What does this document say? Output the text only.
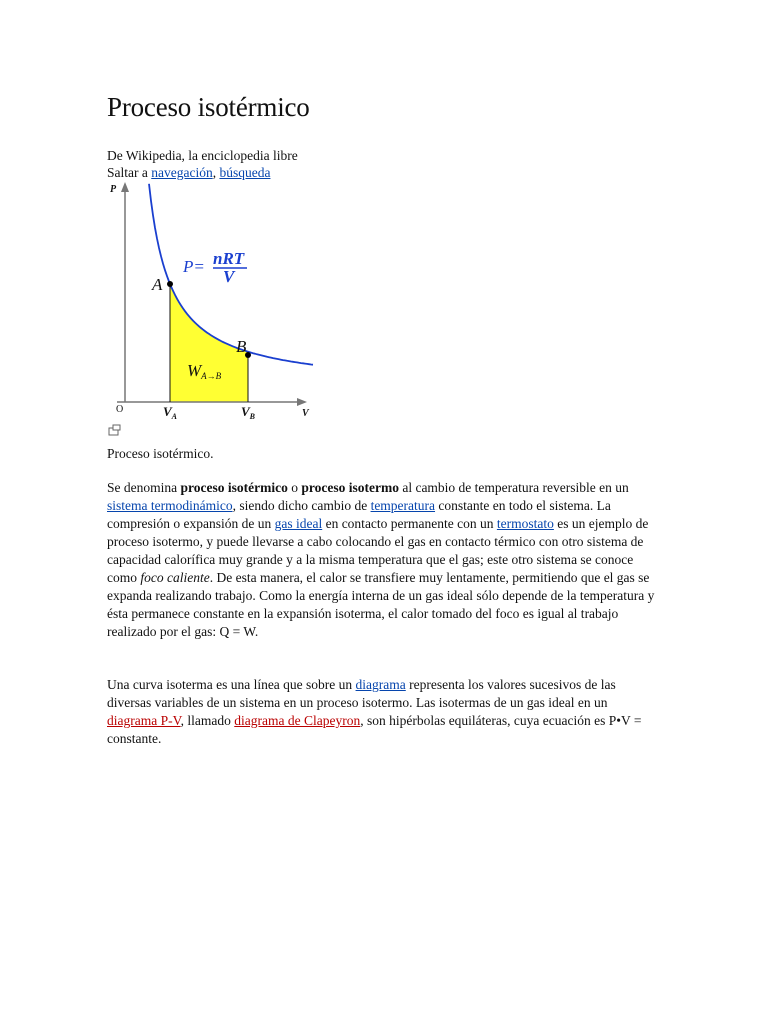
Proceso isotérmico
De Wikipedia, la enciclopedia libre
Saltar a navegación, búsqueda
P
V
O
A
B
$V_A$	$V_B$
P= nRT
V
WA→B
Proceso isotérmico.

Se denomina proceso isotérmico o proceso isotermo al cambio de temperatura reversible en un sistema termodinámico, siendo dicho cambio de temperatura constante en todo el sistema. La compresión o expansión de un gas ideal en contacto permanente con un termostato es un ejemplo de proceso isotermo, y puede llevarse a cabo colocando el gas en contacto térmico con otro sistema de capacidad calorífica muy grande y a la misma temperatura que el gas; este otro sistema se conoce como foco caliente. De esta manera, el calor se transfiere muy lentamente, permitiendo que el gas se expanda realizando trabajo. Como la energía interna de un gas ideal sólo depende de la temperatura y ésta permanece constante en la expansión isoterma, el calor tomado del foco es igual al trabajo realizado por el gas: Q = W.

Una curva isoterma es una línea que sobre un diagrama representa los valores sucesivos de las diversas variables de un sistema en un proceso isotermo. Las isotermas de un gas ideal en un diagrama P-V, llamado diagrama de Clapeyron, son hipérbolas equiláteras, cuya ecuación es P•V = constante.
